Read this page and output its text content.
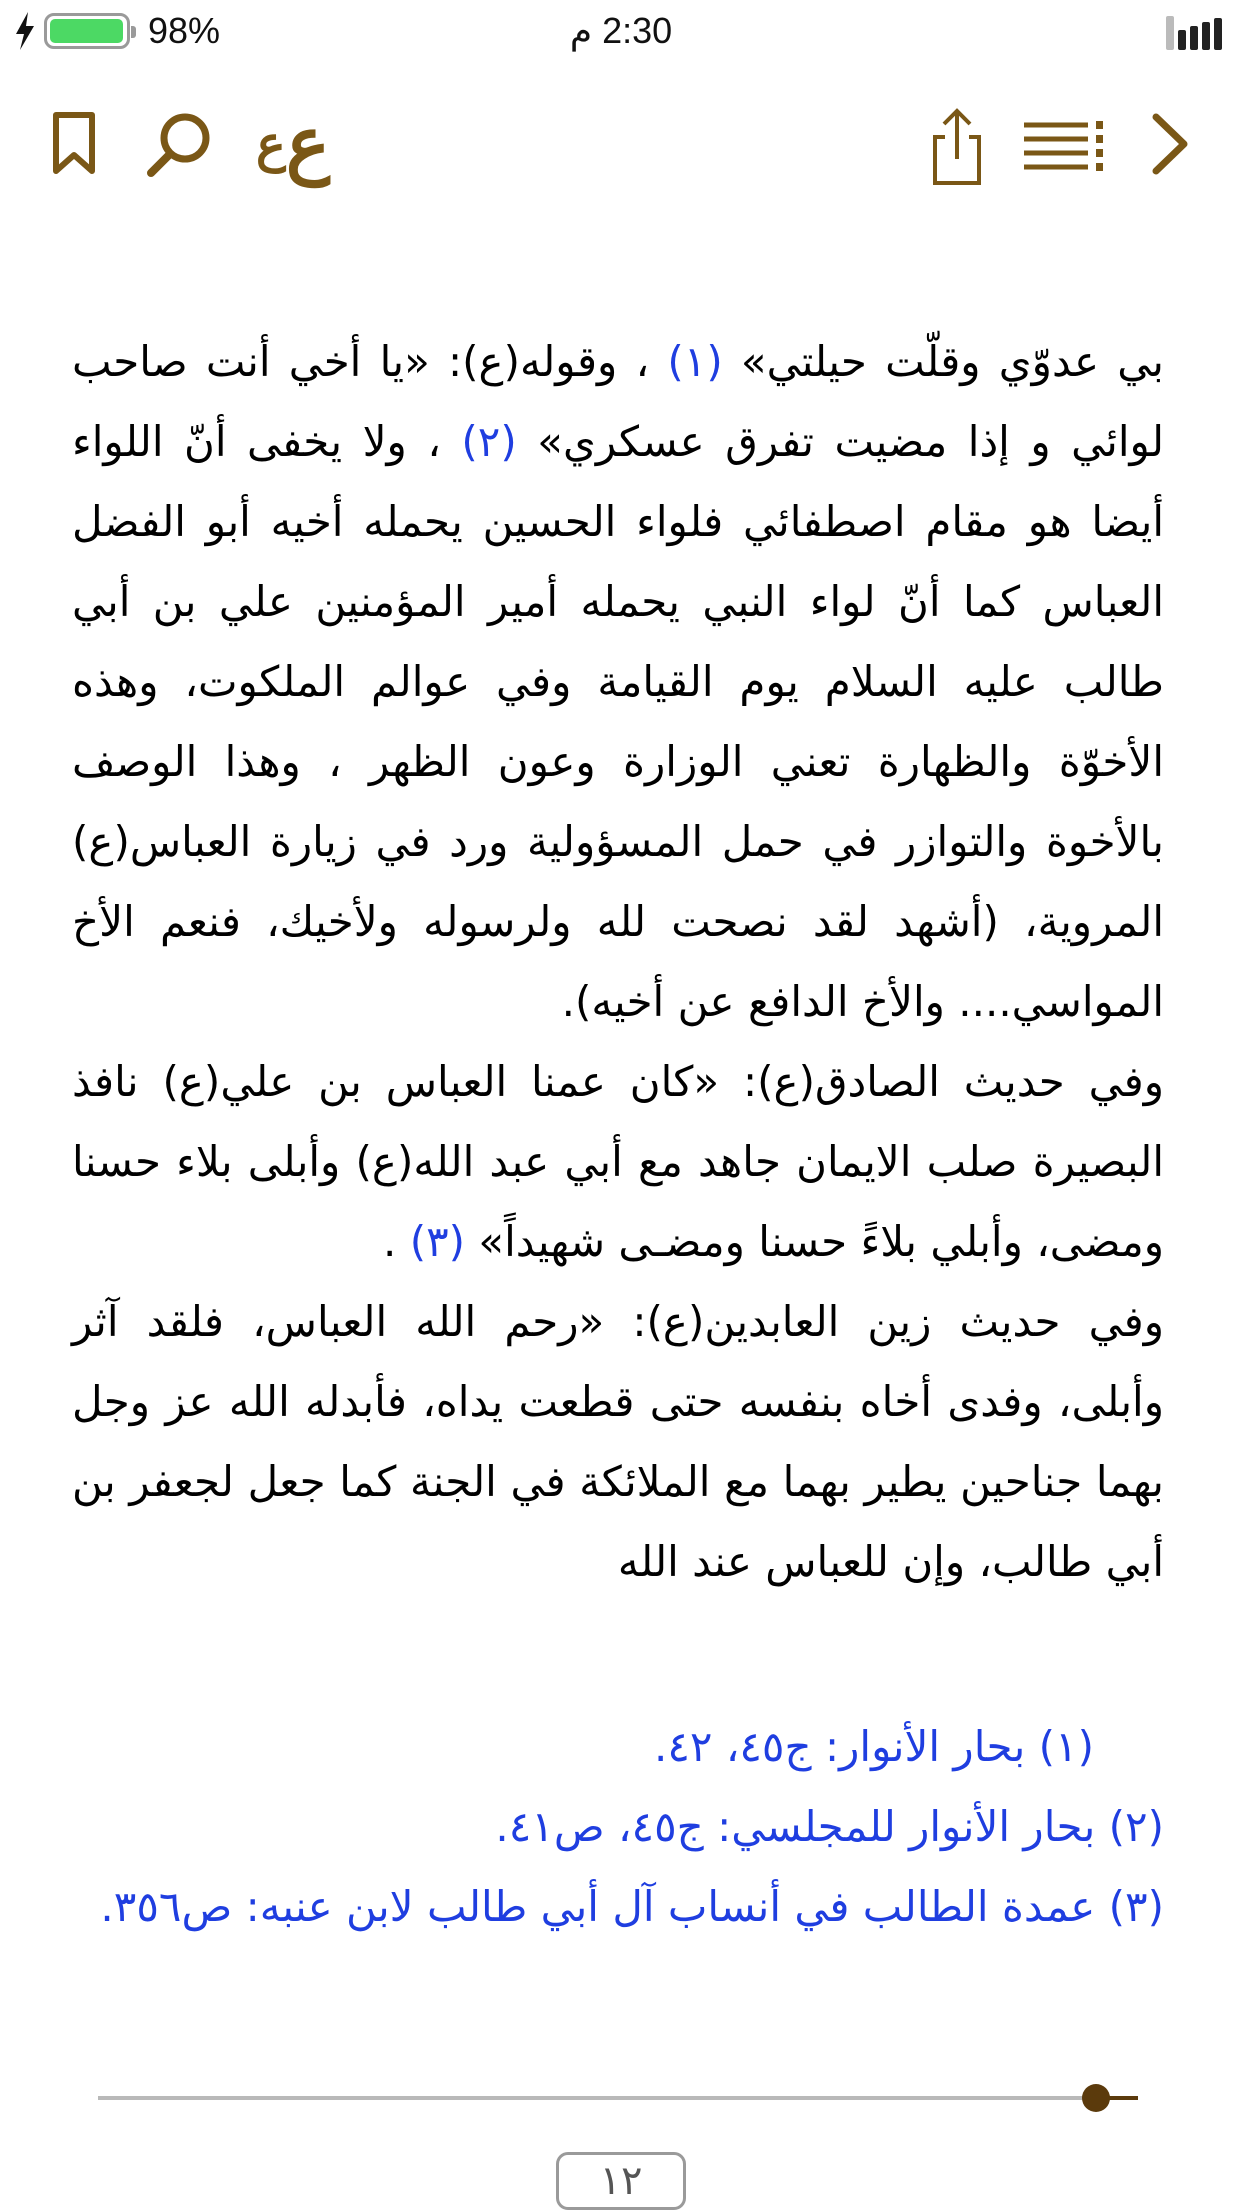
98%	2:30 م
ع
ع

بي عدوّي وقلّت حيلتي» (١) ، وقوله(ع): «يا أخي أنت صاحب لوائي و إذا مضيت تفرق عسكري» (٢) ، ولا يخفى أنّ اللواء أيضا هو مقام اصطفائي فلواء الحسين يحمله أخيه أبو الفضل العباس كما أنّ لواء النبي يحمله أمير المؤمنين علي بن أبي طالب عليه السلام يوم القيامة وفي عوالم الملكوت، وهذه الأخوّة والظهارة تعني الوزارة وعون الظهر ، وهذا الوصف بالأخوة والتوازر في حمل المسؤولية ورد في زيارة العباس(ع) المروية، (أشهد لقد نصحت لله ولرسوله ولأخيك، فنعم الأخ المواسي.... والأخ الدافع عن أخيه).

وفي حديث الصادق(ع): «كان عمنا العباس بن علي(ع) نافذ البصيرة صلب الايمان جاهد مع أبي عبد الله(ع) وأبلى بلاء حسنا ومضى، وأبلي بلاءً حسنا ومضـى شهيداً» (٣) .

وفي حديث زين العابدين(ع): «رحم الله العباس، فلقد آثر وأبلى، وفدى أخاه بنفسه حتى قطعت يداه، فأبدله الله عز وجل بهما جناحين يطير بهما مع الملائكة في الجنة كما جعل لجعفر بن أبي طالب، وإن للعباس عند الله

(١) بحار الأنوار: ج٤٥، ٤٢.

(٢) بحار الأنوار للمجلسي: ج٤٥، ص٤١.

(٣) عمدة الطالب في أنساب آل أبي طالب لابن عنبه: ص٣٥٦.

١٢
